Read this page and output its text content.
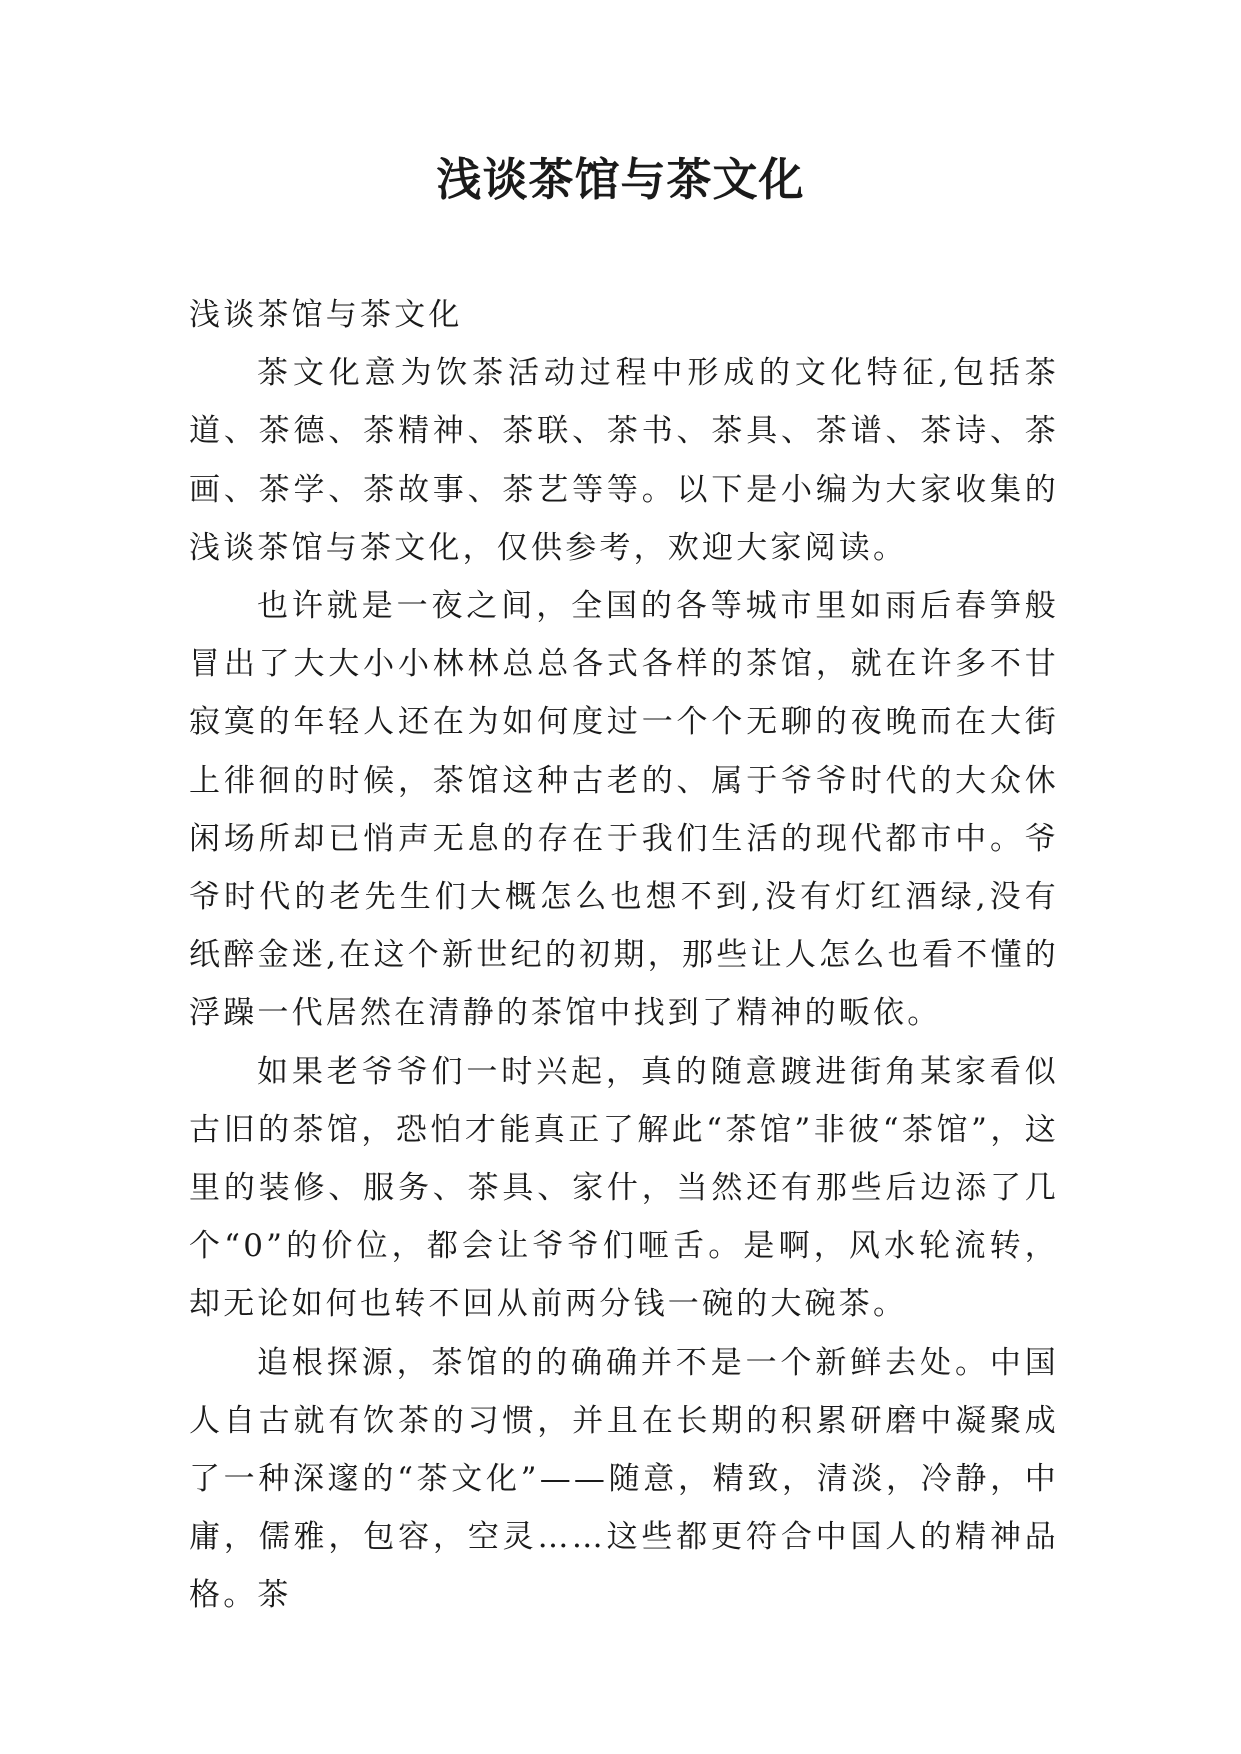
浅谈茶馆与茶文化

浅谈茶馆与茶文化

茶文化意为饮茶活动过程中形成的文化特征,包括茶道、茶德、茶精神、茶联、茶书、茶具、茶谱、茶诗、茶画、茶学、茶故事、茶艺等等。以下是小编为大家收集的浅谈茶馆与茶文化，仅供参考，欢迎大家阅读。

也许就是一夜之间，全国的各等城市里如雨后春笋般冒出了大大小小林林总总各式各样的茶馆，就在许多不甘寂寞的年轻人还在为如何度过一个个无聊的夜晚而在大街上徘徊的时候，茶馆这种古老的、属于爷爷时代的大众休闲场所却已悄声无息的存在于我们生活的现代都市中。爷爷时代的老先生们大概怎么也想不到,没有灯红酒绿,没有纸醉金迷,在这个新世纪的初期，那些让人怎么也看不懂的浮躁一代居然在清静的茶馆中找到了精神的畈依。

如果老爷爷们一时兴起，真的随意踱进街角某家看似古旧的茶馆，恐怕才能真正了解此“茶馆”非彼“茶馆”，这里的装修、服务、茶具、家什，当然还有那些后边添了几个“0”的价位，都会让爷爷们咂舌。是啊，风水轮流转，却无论如何也转不回从前两分钱一碗的大碗茶。

追根探源，茶馆的的确确并不是一个新鲜去处。中国人自古就有饮茶的习惯，并且在长期的积累研磨中凝聚成了一种深邃的“茶文化”——随意，精致，清淡，冷静，中庸，儒雅，包容，空灵……这些都更符合中国人的精神品格。茶
